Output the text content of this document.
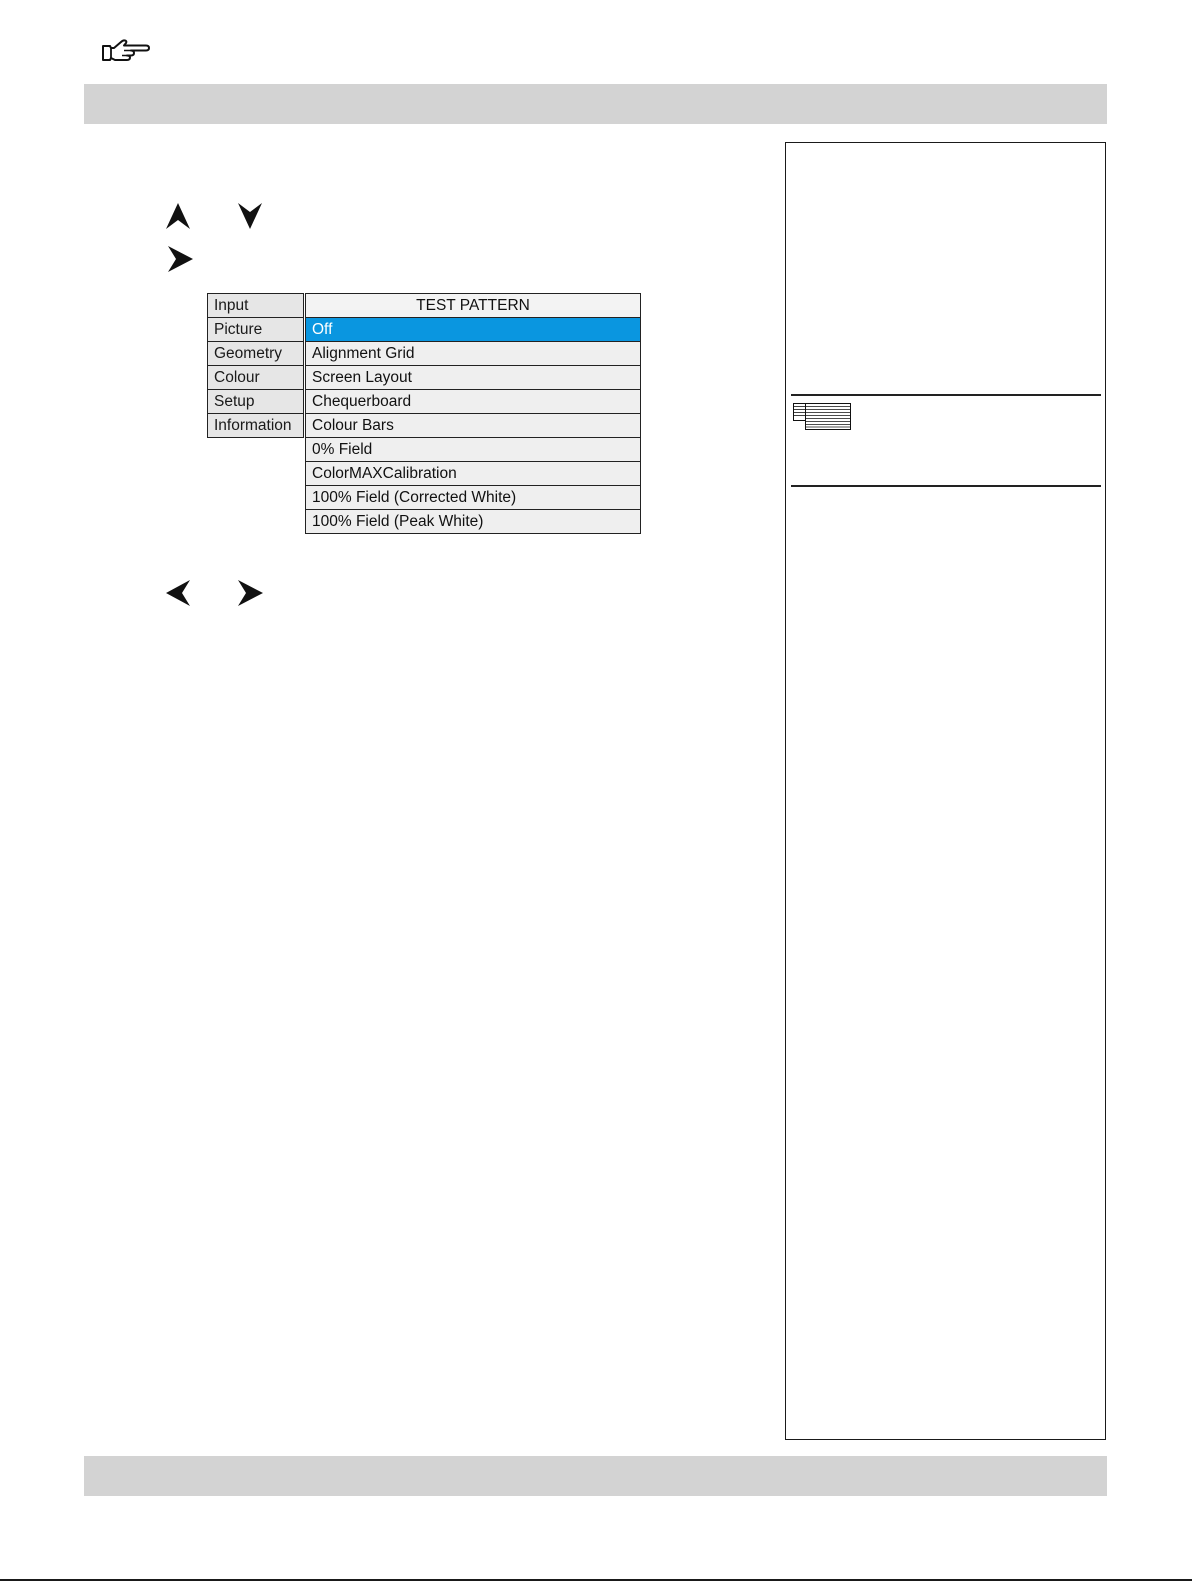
Input
Picture
Geometry
Colour
Setup
Information
TEST PATTERN
Off
Alignment Grid
Screen Layout
Chequerboard
Colour Bars
0% Field
ColorMAXCalibration
100% Field (Corrected White)
100% Field (Peak White)
